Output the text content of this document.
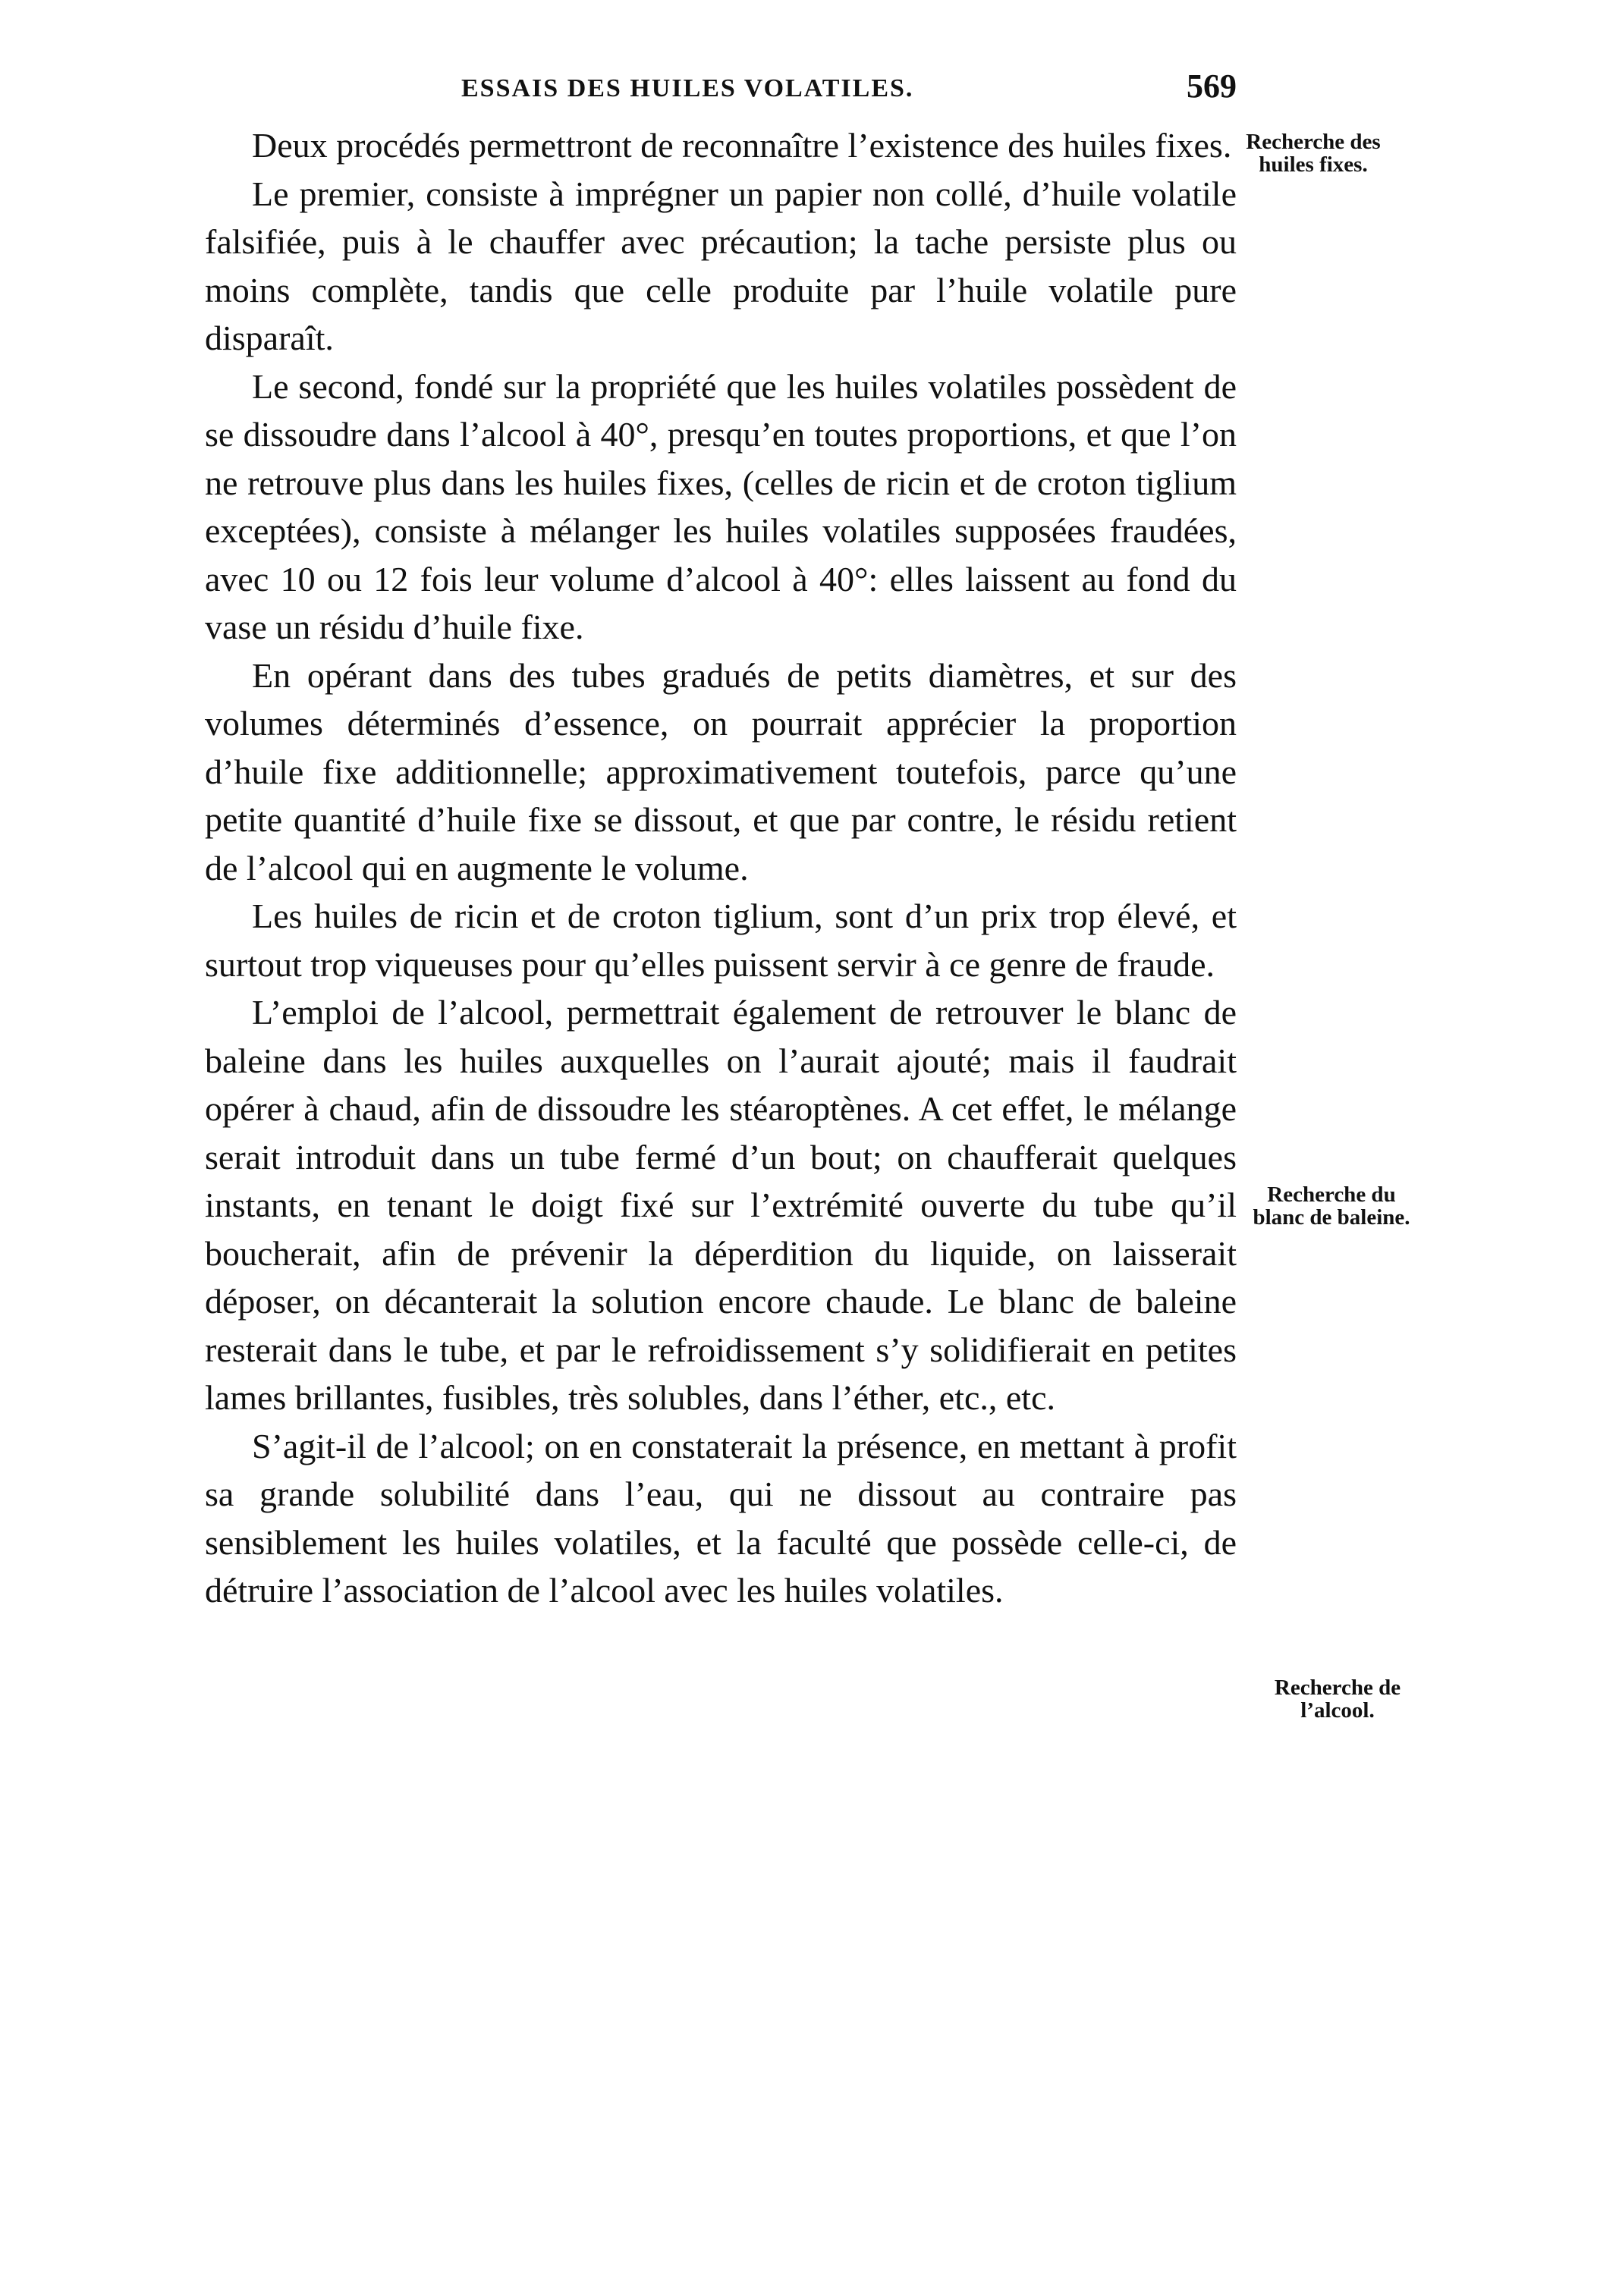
ESSAIS DES HUILES VOLATILES.	569

Deux procédés permettront de reconnaître l’existence des huiles fixes.

Le premier, consiste à imprégner un papier non collé, d’huile volatile falsifiée, puis à le chauffer avec précaution; la tache persiste plus ou moins complète, tandis que celle produite par l’huile volatile pure disparaît.

Le second, fondé sur la propriété que les huiles volatiles possèdent de se dissoudre dans l’alcool à 40°, presqu’en toutes proportions, et que l’on ne retrouve plus dans les huiles fixes, (celles de ricin et de croton tiglium exceptées), consiste à mélanger les huiles volatiles supposées fraudées, avec 10 ou 12 fois leur volume d’alcool à 40°: elles laissent au fond du vase un résidu d’huile fixe.

En opérant dans des tubes gradués de petits diamètres, et sur des volumes déterminés d’essence, on pourrait apprécier la proportion d’huile fixe additionnelle; approximativement toutefois, parce qu’une petite quantité d’huile fixe se dissout, et que par contre, le résidu retient de l’alcool qui en augmente le volume.

Les huiles de ricin et de croton tiglium, sont d’un prix trop élevé, et surtout trop viqueuses pour qu’elles puissent servir à ce genre de fraude.

L’emploi de l’alcool, permettrait également de retrouver le blanc de baleine dans les huiles auxquelles on l’aurait ajouté; mais il faudrait opérer à chaud, afin de dissoudre les stéaroptènes. A cet effet, le mélange serait introduit dans un tube fermé d’un bout; on chaufferait quelques instants, en tenant le doigt fixé sur l’extrémité ouverte du tube qu’il boucherait, afin de prévenir la déperdition du liquide, on laisserait déposer, on décanterait la solution encore chaude. Le blanc de baleine resterait dans le tube, et par le refroidissement s’y solidifierait en petites lames brillantes, fusibles, très solubles, dans l’éther, etc., etc.

S’agit-il de l’alcool; on en constaterait la présence, en mettant à profit sa grande solubilité dans l’eau, qui ne dissout au contraire pas sensiblement les huiles volatiles, et la faculté que possède celle-ci, de détruire l’association de l’alcool avec les huiles volatiles.

Recherche des huiles fixes.
Recherche du blanc de baleine.
Recherche de l’alcool.
